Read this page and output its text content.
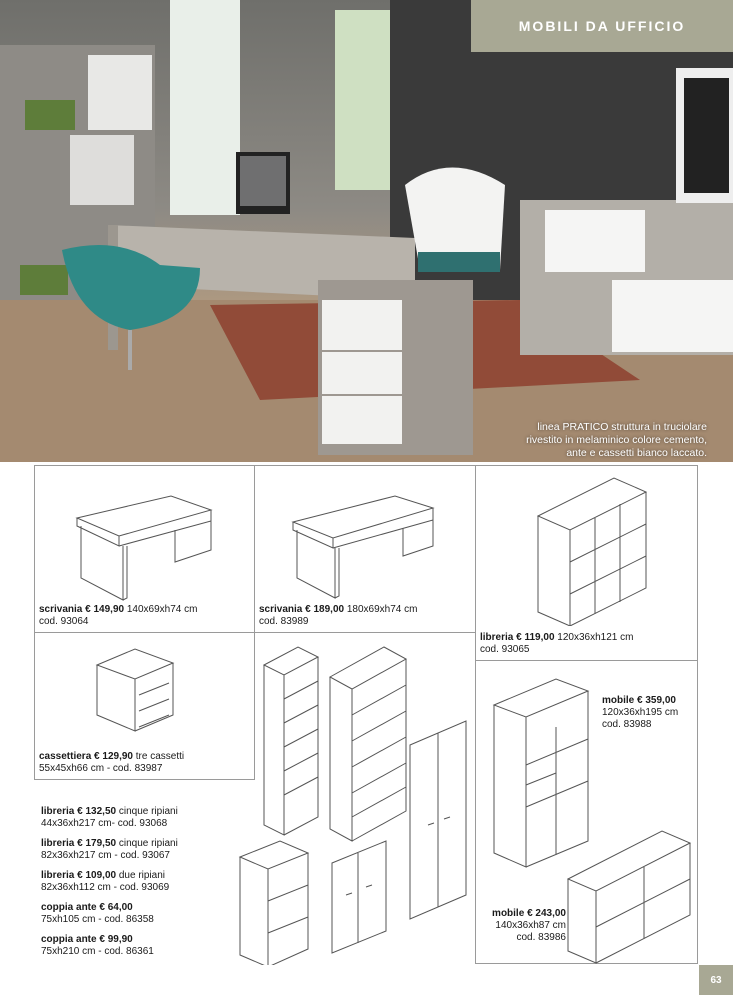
MOBILI DA UFFICIO
linea PRATICO struttura in truciolare
rivestito in melaminico colore cemento,
ante e cassetti bianco laccato.
scrivania € 149,90 140x69xh74 cm
cod. 93064
scrivania € 189,00 180x69xh74 cm
cod. 83989
libreria € 119,00 120x36xh121 cm
cod. 93065
cassettiera € 129,90 tre cassetti
55x45xh66 cm - cod. 83987
mobile € 359,00
120x36xh195 cm
cod. 83988
mobile € 243,00
140x36xh87 cm
cod. 83986
libreria € 132,50 cinque ripiani
44x36xh217 cm- cod. 93068
libreria € 179,50 cinque ripiani
82x36xh217 cm - cod. 93067
libreria € 109,00 due ripiani
82x36xh112 cm - cod. 93069
coppia ante € 64,00
75xh105 cm - cod. 86358
coppia ante € 99,90
75xh210 cm - cod. 86361
63
